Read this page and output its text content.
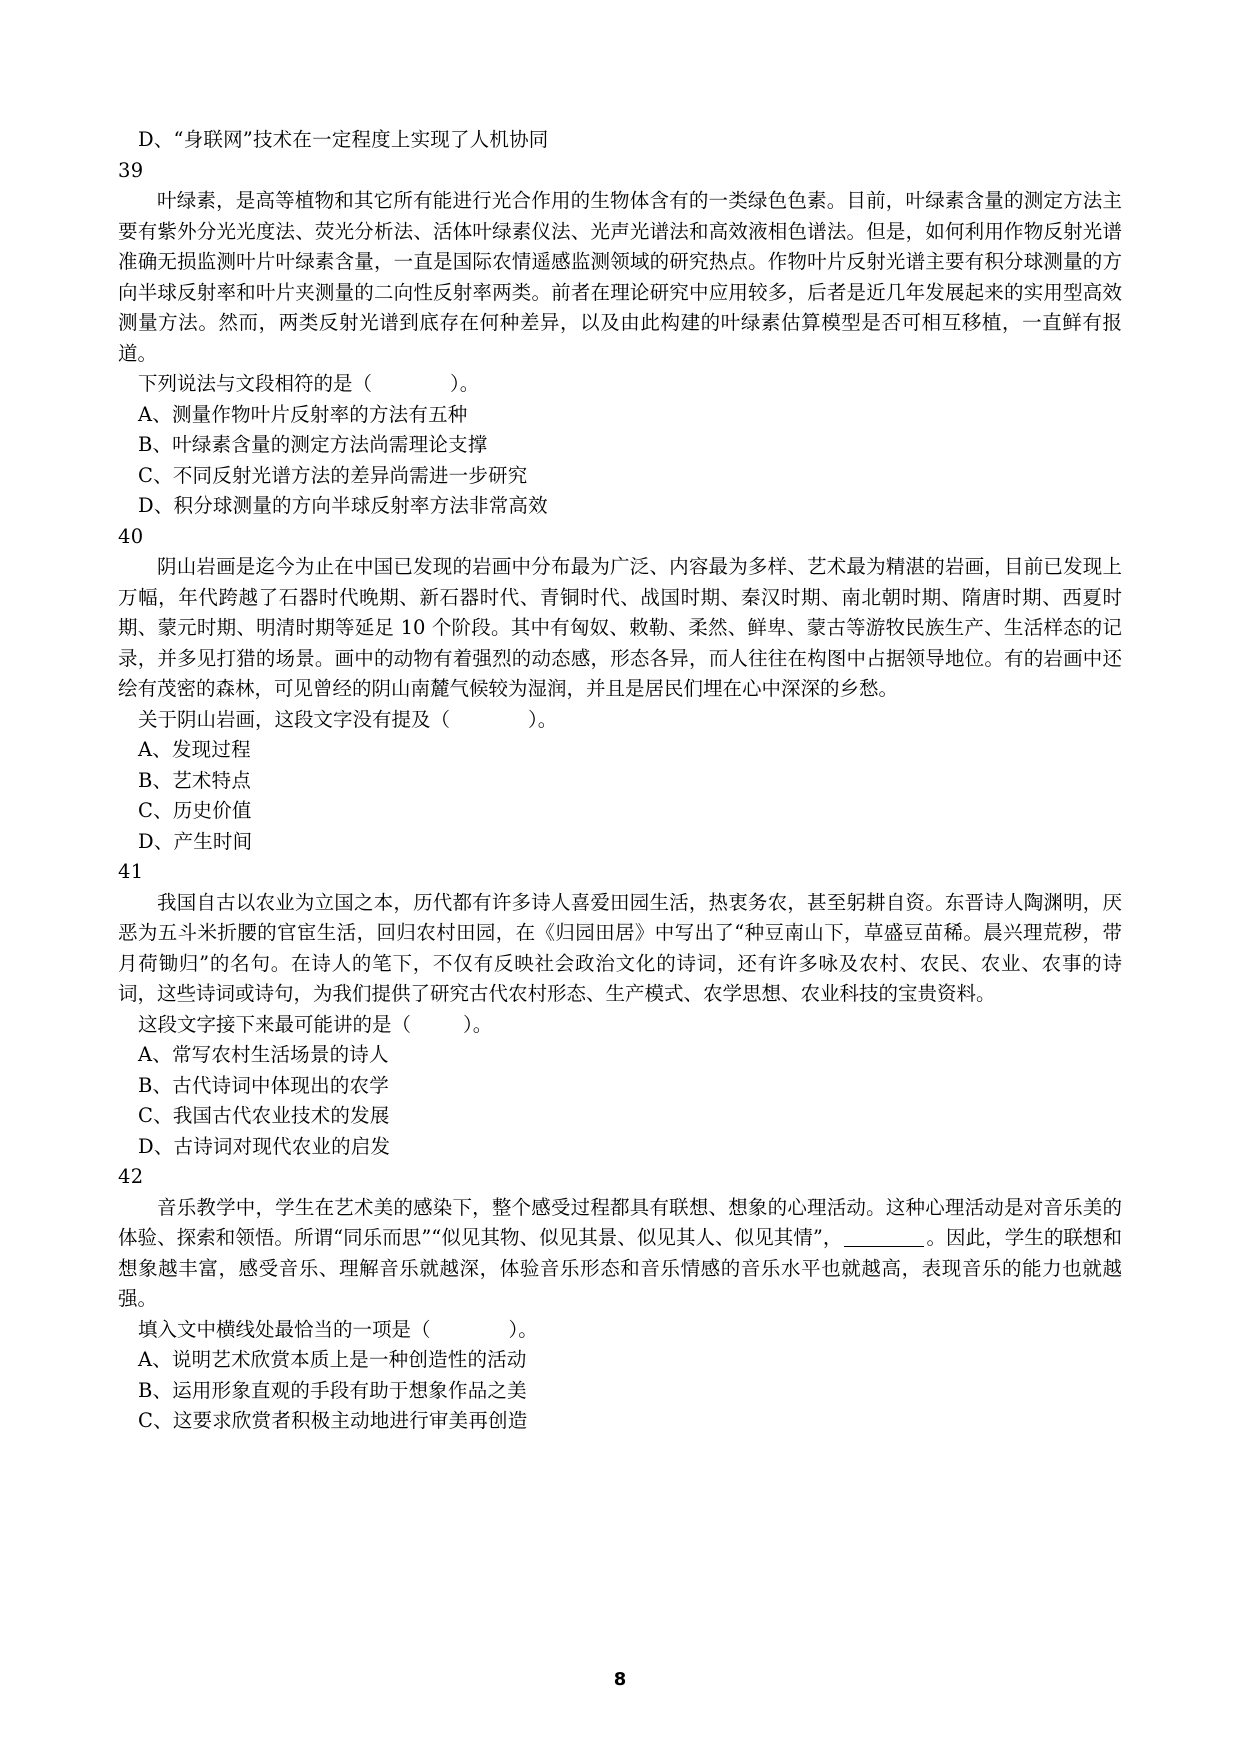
D、“身联网”技术在一定程度上实现了人机协同

39

叶绿素，是高等植物和其它所有能进行光合作用的生物体含有的一类绿色色素。目前，叶绿素含量的测定方法主要有紫外分光光度法、荧光分析法、活体叶绿素仪法、光声光谱法和高效液相色谱法。但是，如何利用作物反射光谱准确无损监测叶片叶绿素含量，一直是国际农情遥感监测领域的研究热点。作物叶片反射光谱主要有积分球测量的方向半球反射率和叶片夹测量的二向性反射率两类。前者在理论研究中应用较多，后者是近几年发展起来的实用型高效测量方法。然而，两类反射光谱到底存在何种差异，以及由此构建的叶绿素估算模型是否可相互移植，一直鲜有报道。

下列说法与文段相符的是（	）。

A、测量作物叶片反射率的方法有五种

B、叶绿素含量的测定方法尚需理论支撑

C、不同反射光谱方法的差异尚需进一步研究

D、积分球测量的方向半球反射率方法非常高效

40

阴山岩画是迄今为止在中国已发现的岩画中分布最为广泛、内容最为多样、艺术最为精湛的岩画，目前已发现上万幅，年代跨越了石器时代晚期、新石器时代、青铜时代、战国时期、秦汉时期、南北朝时期、隋唐时期、西夏时期、蒙元时期、明清时期等延足 10 个阶段。其中有匈奴、敕勒、柔然、鲜卑、蒙古等游牧民族生产、生活样态的记录，并多见打猎的场景。画中的动物有着强烈的动态感，形态各异，而人往往在构图中占据领导地位。有的岩画中还绘有茂密的森林，可见曾经的阴山南麓气候较为湿润，并且是居民们埋在心中深深的乡愁。

关于阴山岩画，这段文字没有提及（	）。

A、发现过程

B、艺术特点

C、历史价值

D、产生时间

41

我国自古以农业为立国之本，历代都有许多诗人喜爱田园生活，热衷务农，甚至躬耕自资。东晋诗人陶渊明，厌恶为五斗米折腰的官宦生活，回归农村田园，在《归园田居》中写出了“种豆南山下，草盛豆苗稀。晨兴理荒秽，带月荷锄归”的名句。在诗人的笔下，不仅有反映社会政治文化的诗词，还有许多咏及农村、农民、农业、农事的诗词，这些诗词或诗句，为我们提供了研究古代农村形态、生产模式、农学思想、农业科技的宝贵资料。

这段文字接下来最可能讲的是（	）。

A、常写农村生活场景的诗人

B、古代诗词中体现出的农学

C、我国古代农业技术的发展

D、古诗词对现代农业的启发

42

音乐教学中，学生在艺术美的感染下，整个感受过程都具有联想、想象的心理活动。这种心理活动是对音乐美的体验、探索和领悟。所谓“同乐而思”“似见其物、似见其景、似见其人、似见其情”，	。因此，学生的联想和想象越丰富，感受音乐、理解音乐就越深，体验音乐形态和音乐情感的音乐水平也就越高，表现音乐的能力也就越强。

填入文中横线处最恰当的一项是（	）。

A、说明艺术欣赏本质上是一种创造性的活动

B、运用形象直观的手段有助于想象作品之美

C、这要求欣赏者积极主动地进行审美再创造

8
